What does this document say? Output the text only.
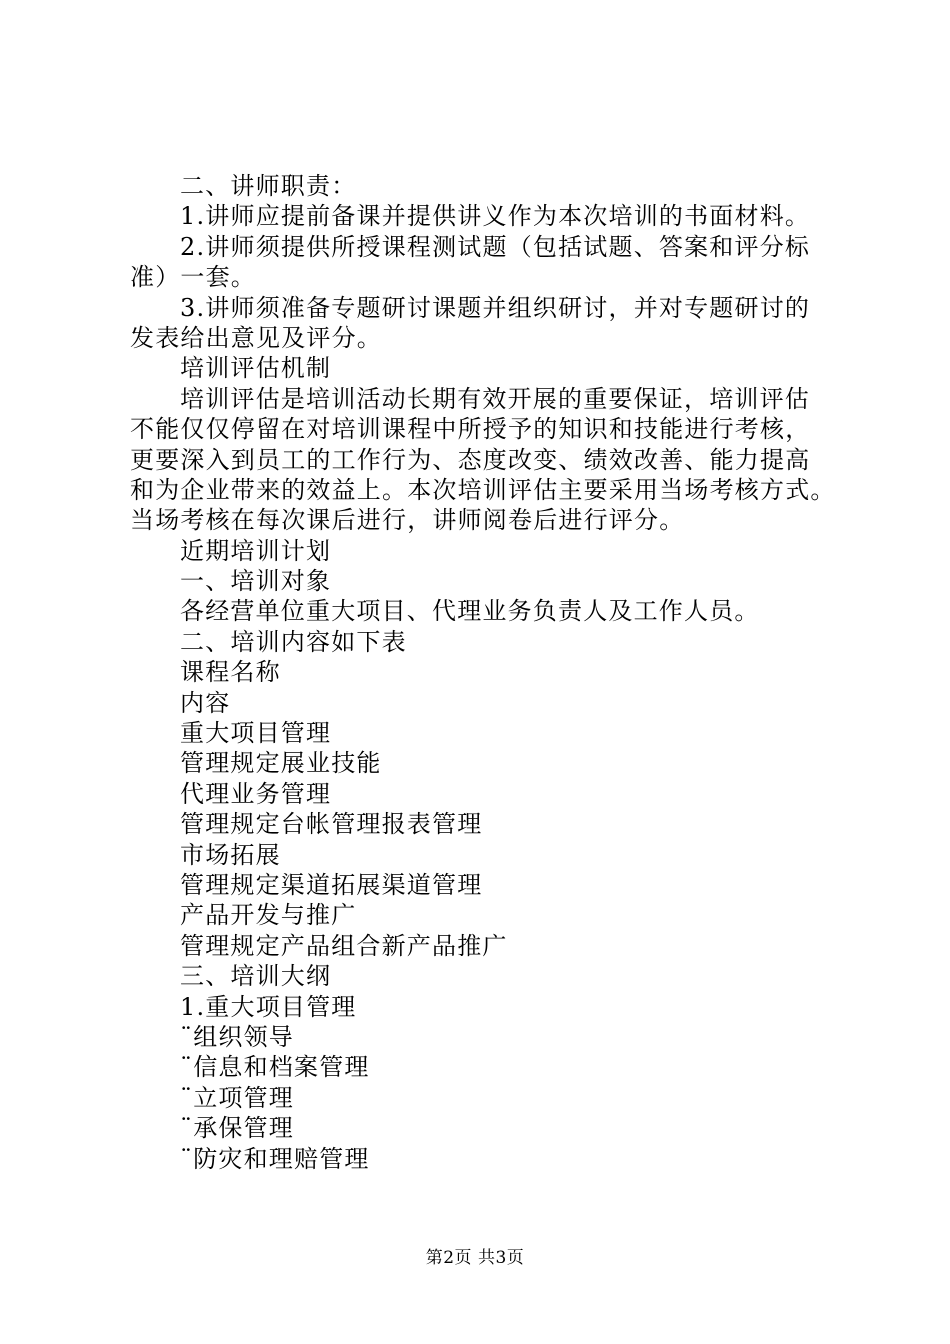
二、讲师职责：
1.讲师应提前备课并提供讲义作为本次培训的书面材料。
2.讲师须提供所授课程测试题（包括试题、答案和评分标
准）一套。
3.讲师须准备专题研讨课题并组织研讨，并对专题研讨的
发表给出意见及评分。
培训评估机制
培训评估是培训活动长期有效开展的重要保证，培训评估
不能仅仅停留在对培训课程中所授予的知识和技能进行考核，
更要深入到员工的工作行为、态度改变、绩效改善、能力提高
和为企业带来的效益上。本次培训评估主要采用当场考核方式。
当场考核在每次课后进行，讲师阅卷后进行评分。
近期培训计划
一、培训对象
各经营单位重大项目、代理业务负责人及工作人员。
二、培训内容如下表
课程名称
内容
重大项目管理
管理规定展业技能
代理业务管理
管理规定台帐管理报表管理
市场拓展
管理规定渠道拓展渠道管理
产品开发与推广
管理规定产品组合新产品推广
三、培训大纲
1.重大项目管理
¨组织领导
¨信息和档案管理
¨立项管理
¨承保管理
¨防灾和理赔管理
第2页 共3页
